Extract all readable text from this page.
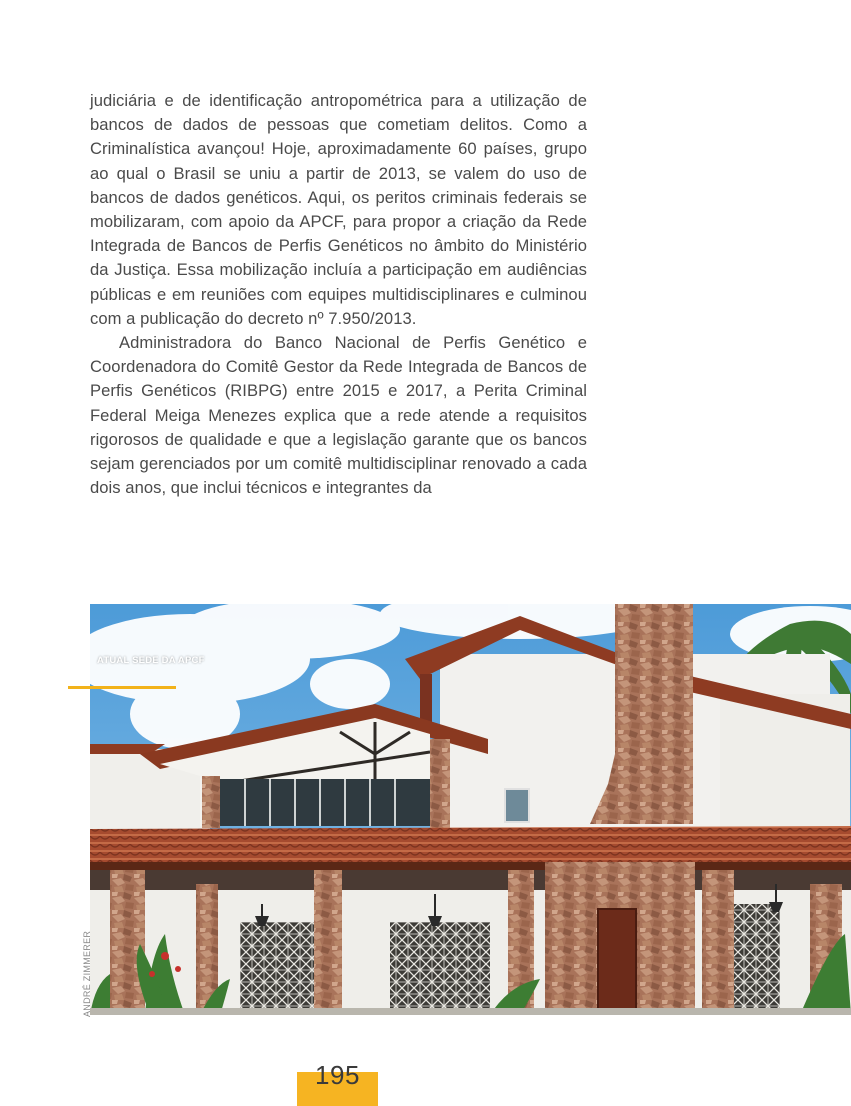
judiciária e de identificação antropométrica para a utilização de bancos de dados de pessoas que cometiam delitos. Como a Criminalística avançou! Hoje, aproximadamente 60 países, grupo ao qual o Brasil se uniu a partir de 2013, se valem do uso de bancos de dados genéticos. Aqui, os peritos criminais federais se mobilizaram, com apoio da APCF, para propor a criação da Rede Integrada de Bancos de Perfis Genéticos no âmbito do Ministério da Justiça. Essa mobilização incluía a participação em audiências públicas e em reuniões com equipes multidisciplinares e culminou com a publicação do decreto nº 7.950/2013.

Administradora do Banco Nacional de Perfis Genético e Coordenadora do Comitê Gestor da Rede Integrada de Bancos de Perfis Genéticos (RIBPG) entre 2015 e 2017, a Perita Criminal Federal Meiga Menezes explica que a rede atende a requisitos rigorosos de qualidade e que a legislação garante que os bancos sejam gerenciados por um comitê multidisciplinar renovado a cada dois anos, que inclui técnicos e integrantes da

ATUAL SEDE DA APCF
ANDRÉ ZIMMERER
195
